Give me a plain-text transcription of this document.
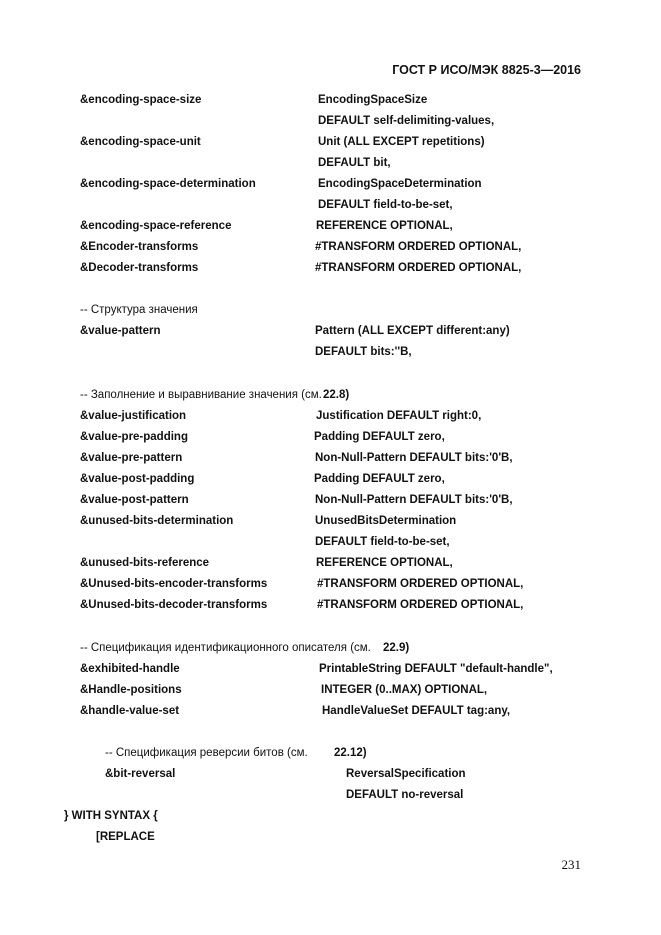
ГОСТ Р ИСО/МЭК 8825-3—2016
&encoding-space-size	EncodingSpaceSize
DEFAULT self-delimiting-values,
&encoding-space-unit	Unit (ALL EXCEPT repetitions)
DEFAULT bit,
&encoding-space-determination	EncodingSpaceDetermination
DEFAULT field-to-be-set,
&encoding-space-reference	REFERENCE OPTIONAL,
&Encoder-transforms	#TRANSFORM ORDERED OPTIONAL,
&Decoder-transforms	#TRANSFORM ORDERED OPTIONAL,
-- Структура значения
&value-pattern	Pattern (ALL EXCEPT different:any)
DEFAULT bits:''B,
-- Заполнение и выравнивание значения (см. 22.8)
&value-justification	Justification DEFAULT right:0,
&value-pre-padding	Padding DEFAULT zero,
&value-pre-pattern	Non-Null-Pattern DEFAULT bits:'0'B,
&value-post-padding	Padding DEFAULT zero,
&value-post-pattern	Non-Null-Pattern DEFAULT bits:'0'B,
&unused-bits-determination	UnusedBitsDetermination
DEFAULT field-to-be-set,
&unused-bits-reference	REFERENCE OPTIONAL,
&Unused-bits-encoder-transforms	#TRANSFORM ORDERED OPTIONAL,
&Unused-bits-decoder-transforms	#TRANSFORM ORDERED OPTIONAL,
-- Спецификация идентификационного описателя (см. 22.9)
&exhibited-handle	PrintableString DEFAULT "default-handle",
&Handle-positions	INTEGER (0..MAX) OPTIONAL,
&handle-value-set	HandleValueSet DEFAULT tag:any,
-- Спецификация реверсии битов (см. 22.12)
&bit-reversal	ReversalSpecification
DEFAULT no-reversal
} WITH SYNTAX {
[REPLACE
231
